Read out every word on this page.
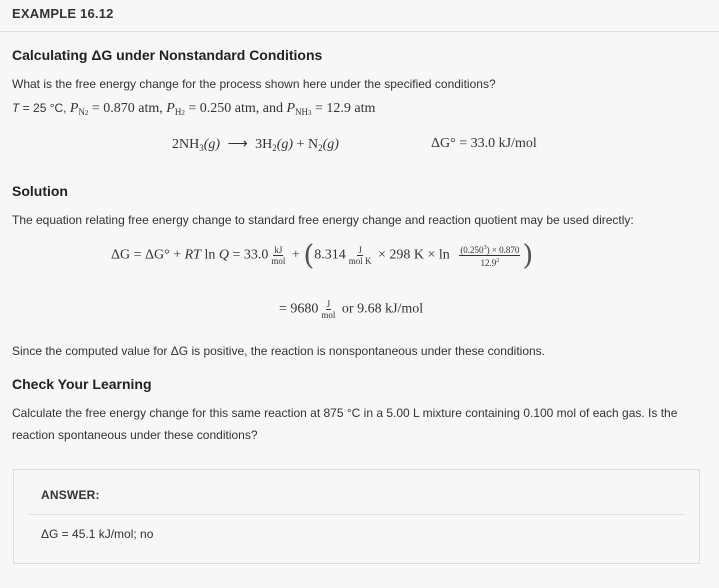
EXAMPLE 16.12
Calculating ΔG under Nonstandard Conditions
What is the free energy change for the process shown here under the specified conditions?
T = 25 °C, $P_{N2} = 0.870$ atm, $P_{H2} = 0.250$ atm, and $P_{NH3} = 12.9$ atm
$2NH_3(g)$ ⟶ $3H_2(g) + N_2(g)$	ΔG° = 33.0 kJ/mol
Solution
The equation relating free energy change to standard free energy change and reaction quotient may be used directly:
ΔG = ΔG° + RT $\ln Q = 33.0 \frac{kJ}{\text{mol}} + (8.314 \frac{J}{\text{mol K}} \times 298$ $K \times \ln \frac{(0.250^3) \times 0.870}{12.9^2}$ )
= $9680 \frac{J}{\text{mol}}$ or 9.68 kJ/mol
Since the computed value for ΔG is positive, the reaction is nonspontaneous under these conditions.
Check Your Learning
Calculate the free energy change for this same reaction at 875 °C in a 5.00 L mixture containing 0.100 mol of each gas. Is the reaction spontaneous under these conditions?
ANSWER:
ΔG = 45.1 kJ/mol; no
